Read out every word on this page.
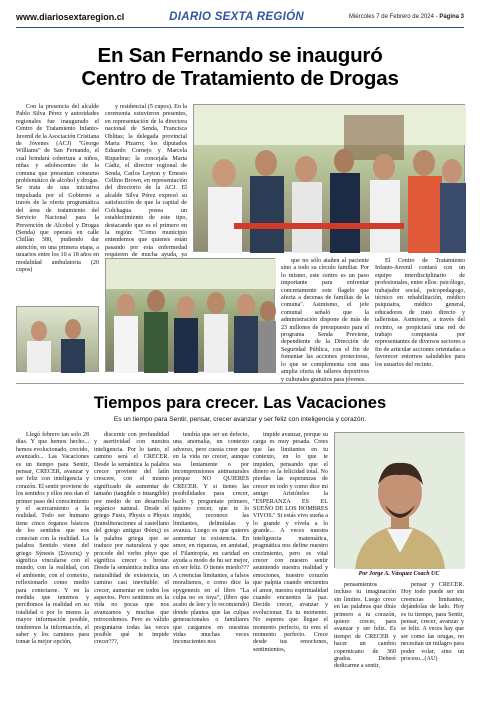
www.diariosextaregion.cl	DIARIO SEXTA REGIÓN	Miércoles 7 de Febrero de 2024 - Página 3
En San Fernando se inauguró
Centro de Tratamiento de Drogas

Con la presencia del alcalde Pablo Silva Pérez y autoridades regionales fue inaugurado el Centro de Tratamiento Infanto-Juvenil de la Asociación Cristiana de Jóvenes (ACJ) "George Williams" de San Fernando, el cual brindará cobertura a niños, niñas y adolescentes de la comuna que presentan consumo problemático de alcohol y drogas. Se trata de una iniciativa impulsada por el Gobierno a través de la oferta programática del área de tratamiento del Servicio Nacional para la Prevención de Alcohol y Drogas (Senda) que operará en calle Chillán 380, pudiendo dar atención, en una primera etapa, a usuarios entre los 10 a 18 años en modalidad ambulatoria (20 cupos)

y residencial (5 cupos). En la ceremonia estuvieron presentes, en representación de la directora nacional de Senda, Francisca Oblitas; la delegada provincial Marta Pizarro; los diputados Eduardo Cornejo y Marcela Riquelme; la concejala Marta Cádiz, el director regional de Senda, Carlos Leyton y Ernesto Cellino Brown, en representación del directorio de la ACJ. El alcalde Silva Pérez expresó su satisfacción de que la capital de Colchagua posea un establecimiento de este tipo, destacando que es el primero en la región: "Como municipio entendemos que quienes están pasando por esta enfermedad requieren de mucha ayuda, ya

que no sólo atañen al paciente sino a todo su círculo familiar. Por lo mismo, este centro es un paso importante para enfrentar concretamente este flagelo que afecta a decenas de familias de la comuna". Asimismo, el jefe comunal señaló que la administración dispone de más de 23 millones de presupuesto para el programa Senda Previene, dependiente de la Dirección de Seguridad Pública, con el fin de fomentar las acciones protectoras, lo que se complementa con una amplia oferta de talleres deportivos y culturales gratuitos para jóvenes.

El Centro de Tratamiento Infanto-Juvenil contará con un equipo interdisciplinario de profesionales, entre ellos: psicólogo, trabajador social, psicopedagogo, técnico en rehabilitación, médico psiquiatra, médico general, educadores de trato directo y talleristas. Asimismo, a través del recinto, se propiciará una red de trabajo compuesta por representantes de diversos sectores a fin de articular acciones orientadas a favorecer entornos saludables para los usuarios del recinto.

Tiempos para crecer. Las Vacaciones
Es un tiempo para Sentir, pensar, crecer avanzar y ser feliz con inteligencia y corazón.

Llegó febrero tan solo 28 días. Y que hemos hecho... hemos evolucionado, crecido, avanzado... Las Vacaciones es un tiempo para Sentir, pensar, CRECER, avanzar y ser feliz con inteligencia y corazón. El sentir proviene de los sentidos y ellos nos dan el primer paso del conocimiento y el acercamiento a la realidad. Todo ser humano tiene cinco órganos básicos de los sentidos que nos conectan con la realidad. La palabra Sentido viene del griego Sýnesis (Σύνεσις) y significa vincularse con el mundo, con la realidad, con el ambiente, con el contexto, reflexionarlo como medio para conectarse. Y en la medida que tenemos y percibimos la realidad en su totalidad o por lo menos la mayor información posible, tendremos la información, el saber y los caminos para tomar la mejor opción,

discernir con profundidad y asertividad con nuestra inteligencia. Por lo tanto, el camino será el CRECER. Desde la semántica la palabra crecer proviene del latín crescere, con el mismo significado de aumentar de tamaño (tangible o intangible) por medio de un desarrollo orgánico natural. Desde el griego Fusis, Physis o Physis (transliteraciones al castellano del griego antiguo Φύσις) es la palabra griega que se traduce por naturaleza y que procede del verbo phyo que significa crecer o brotar. Desde la semántica indica una naturalidad de existencia, un camino casi inevitable: el crecer, aumentar en todos los aspectos. Pero sentimos en la vida no pocas que nos avanzamos y muchas que retrocedemos. Pero es válido preguntarse todas las veces posible qué te impide crecer???,

tendría que ser un defecto, una anomalía, un contexto adverso, pero cuesta creer que en la vida no crecer, aunque sea lentamente o por incomprensiones antinaturales porque NO QUIERES CRECER. Y si tienes las posibilidades para crecer, hazlo y preguntate primero, quieres crecer, que te lo impide, reconoce las limitantes, delimítalas y avanza. Luego es que quieres aumentar tu existencia. En amor, en riquezas, en amistad, el Filantropía, en caridad en ayuda a modo de hu ser mejor, en ser feliz. O tienes miedo??? A creencias limitantes, a falsos moralismos, o como dice la epygenesis en el libro "La culpa no es tuya", (libro que acabo de leer y lo recomiendo) donde plantea que las culpas generacionales o familiares que cargamos en nuestras vidas muchas veces inconscientes nos

impide avanzar, porque su carga es muy pesada. Crees que las limitantes en tu contexto, en lo que te impiden, pensando que el dinero es la felicidad total. No pierdas las esperanzas de crecer en todo y como dice mi amigo Aristóteles la "ESPERANZA ES EL SUEÑO DE LOS HOMBRES VIVOS." Si estás vivo sueña a lo grande y vívela a lo grande... A veces nuestra inteligencia matemática, pragmática nos define nuestro crecimiento, pero es vital crecer con nuestro sentir asumiendo nuestra realidad y emociones, nuestro corazón que palpita cuando encuentra el amor, nuestra espiritualidad cuando encuentra la paz. Decide crecer, avanzar y evolucionar. Es tu momento. No esperes que llegue el momento perfecto, tu eres el momento perfecto. Crece desde tus emociones, sentimientos,

Por Jorge A. Vásquez Coach UC

pensamientos incluso tu imaginación sin límites. Luego crece en las palabras que dirás primero a tu corazón, quiero crecer, para avanzar y ser feliz. Es tiempo de CRECER y hacer un cambio copernicano de 360 grados. Deberé dedicarme a sentir,

pensar y CRECER. Hoy todo puede ser sin creencias limitantes, dejándolas de lado. Hoy es tu tiempo, para Sentir, pensar, crecer, avanzar y se feliz. A veces hay que ser como las orugas, no necesitan un milagro para poder volar, sino un proceso...(AU)
